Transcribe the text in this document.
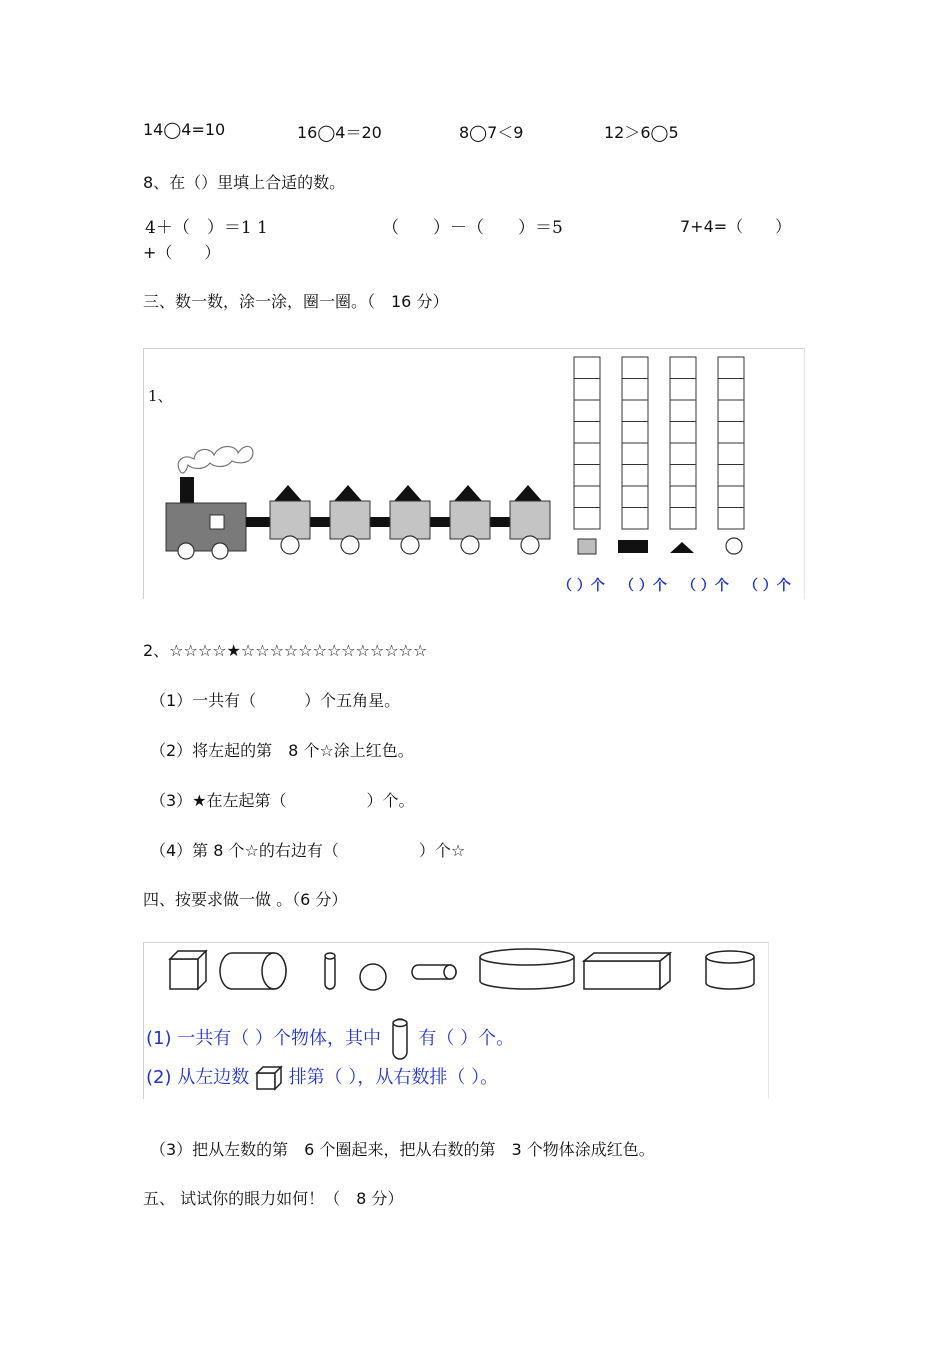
14◯4=10	16◯4＝20	8◯7＜9	12＞6◯5
8、在（）里填上合适的数。
4＋（　）＝1 1	（　　）－（　　）＝5	7+4=（　　）
+（　　）
三、数一数，涂一涂，圈一圈。（　16 分）
1、
（ ）个 （ ）个 （ ）个 （ ）个
2、☆☆☆☆★☆☆☆☆☆☆☆☆☆☆☆☆☆
（1）一共有（　　　）个五角星。
（2）将左起的第　8 个☆涂上红色。
（3）★在左起第（　　　　　）个。
（4）第 8 个☆的右边有（　　　　　）个☆
四、按要求做一做 。（6 分）
(1) 一共有（ ）个物体，其中 有（ ）个。
(2) 从左边数 排第（ ），从右数排（ ）。
（3）把从左数的第　6 个圈起来，把从右数的第　3 个物体涂成红色。
五、 试试你的眼力如何！（　8 分）
